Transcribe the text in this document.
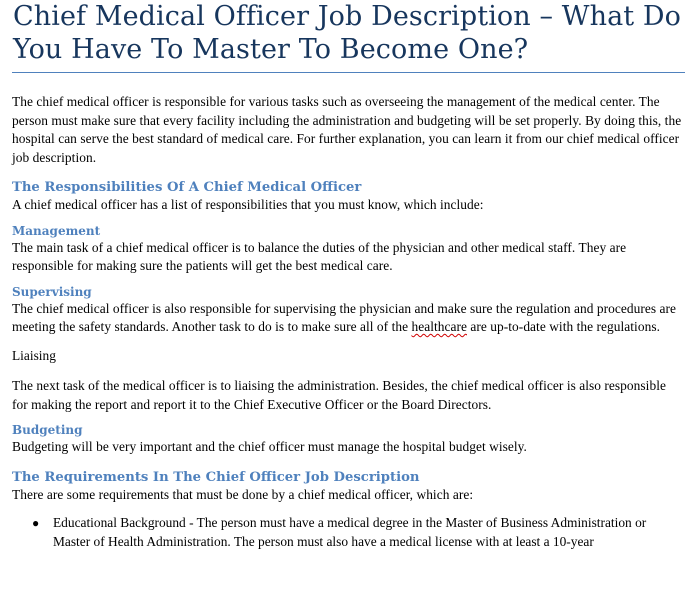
Chief Medical Officer Job Description – What Do You Have To Master To Become One?

The chief medical officer is responsible for various tasks such as overseeing the management of the medical center. The person must make sure that every facility including the administration and budgeting will be set properly. By doing this, the hospital can serve the best standard of medical care. For further explanation, you can learn it from our chief medical officer job description.

The Responsibilities Of A Chief Medical Officer

A chief medical officer has a list of responsibilities that you must know, which include:

Management

The main task of a chief medical officer is to balance the duties of the physician and other medical staff. They are responsible for making sure the patients will get the best medical care.

Supervising

The chief medical officer is also responsible for supervising the physician and make sure the regulation and procedures are meeting the safety standards. Another task to do is to make sure all of the healthcare are up-to-date with the regulations.

Liaising

The next task of the medical officer is to liaising the administration. Besides, the chief medical officer is also responsible for making the report and report it to the Chief Executive Officer or the Board Directors.

Budgeting

Budgeting will be very important and the chief officer must manage the hospital budget wisely.

The Requirements In The Chief Officer Job Description

There are some requirements that must be done by a chief medical officer, which are:

● Educational Background - The person must have a medical degree in the Master of Business Administration or Master of Health Administration. The person must also have a medical license with at least a 10-year
